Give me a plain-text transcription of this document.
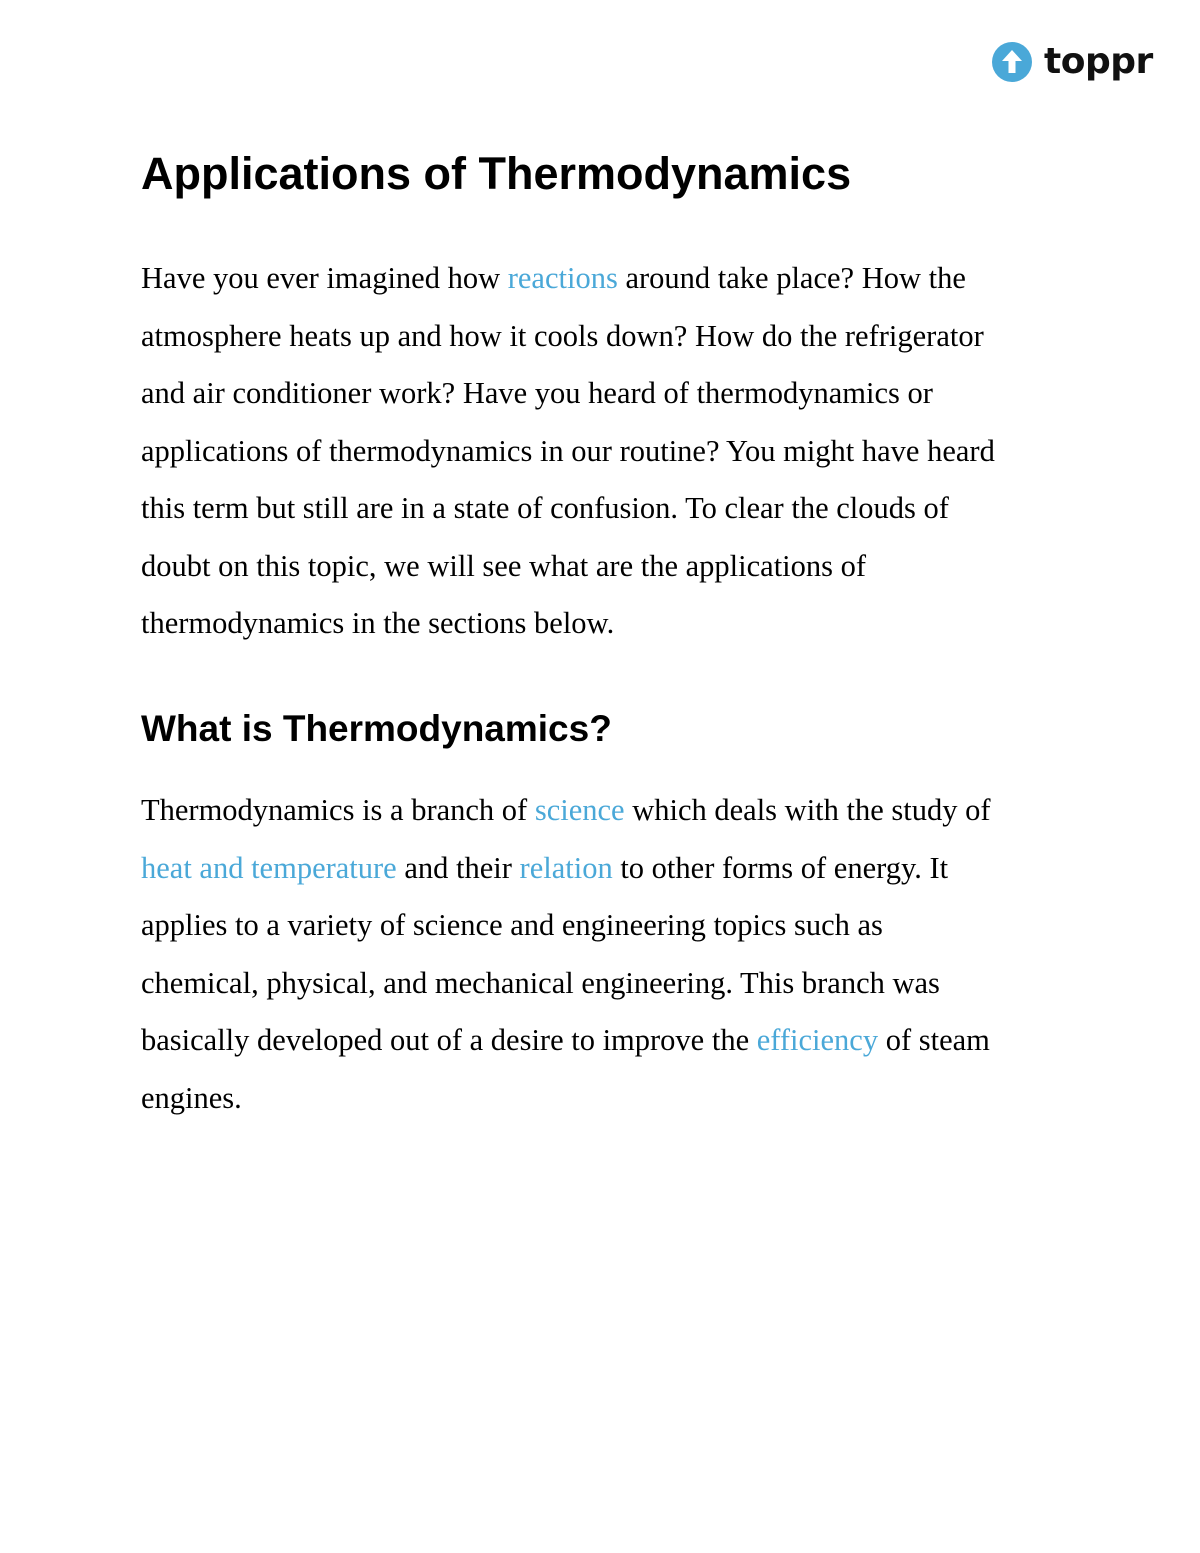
toppr
Applications of Thermodynamics

Have you ever imagined how reactions around take place? How the
atmosphere heats up and how it cools down? How do the refrigerator
and air conditioner work? Have you heard of thermodynamics or
applications of thermodynamics in our routine? You might have heard
this term but still are in a state of confusion. To clear the clouds of
doubt on this topic, we will see what are the applications of
thermodynamics in the sections below.

What is Thermodynamics?

Thermodynamics is a branch of science which deals with the study of
heat and temperature and their relation to other forms of energy. It
applies to a variety of science and engineering topics such as
chemical, physical, and mechanical engineering. This branch was
basically developed out of a desire to improve the efficiency of steam
engines.
